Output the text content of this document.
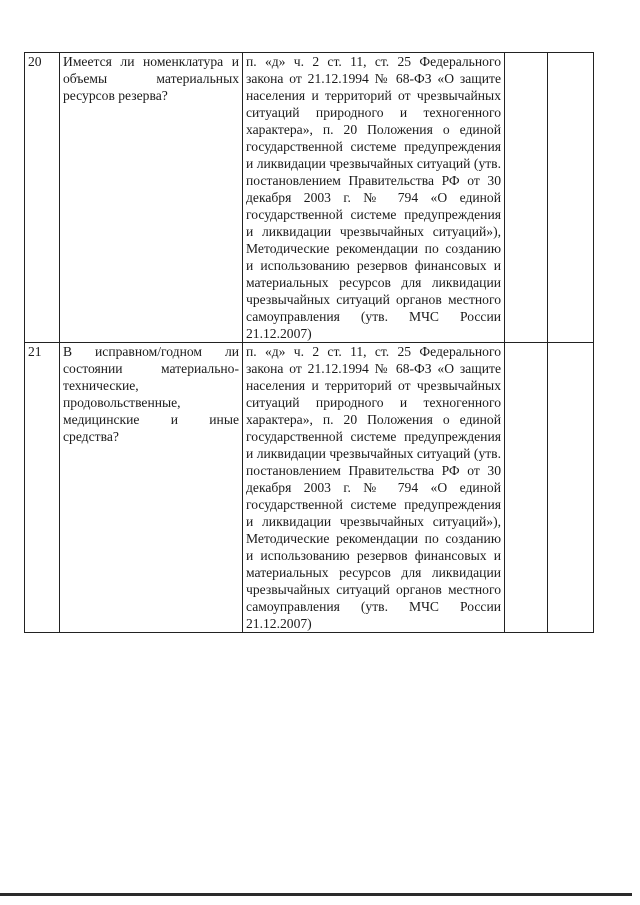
20	Имеется ли номенклатура и объемы материальных ресурсов резерва?	п. «д» ч. 2 ст. 11, ст. 25 Федерального закона от 21.12.1994 № 68-ФЗ «О защите населения и территорий от чрезвычайных ситуаций природного и техногенного характера», п. 20 Положения о единой государственной системе предупреждения и ликвидации чрезвычайных ситуаций (утв. постановлением Правительства РФ от 30 декабря 2003 г. № 794 «О единой государственной системе предупреждения и ликвидации чрезвычайных ситуаций»), Методические рекомендации по созданию и использованию резервов финансовых и материальных ресурсов для ликвидации чрезвычайных ситуаций органов местного самоуправления (утв. МЧС России 21.12.2007)		
21	В исправном/годном ли состоянии материально-технические, продовольственные, медицинские и иные средства?	п. «д» ч. 2 ст. 11, ст. 25 Федерального закона от 21.12.1994 № 68-ФЗ «О защите населения и территорий от чрезвычайных ситуаций природного и техногенного характера», п. 20 Положения о единой государственной системе предупреждения и ликвидации чрезвычайных ситуаций (утв. постановлением Правительства РФ от 30 декабря 2003 г. № 794 «О единой государственной системе предупреждения и ликвидации чрезвычайных ситуаций»), Методические рекомендации по созданию и использованию резервов финансовых и материальных ресурсов для ликвидации чрезвычайных ситуаций органов местного самоуправления (утв. МЧС России 21.12.2007)		
